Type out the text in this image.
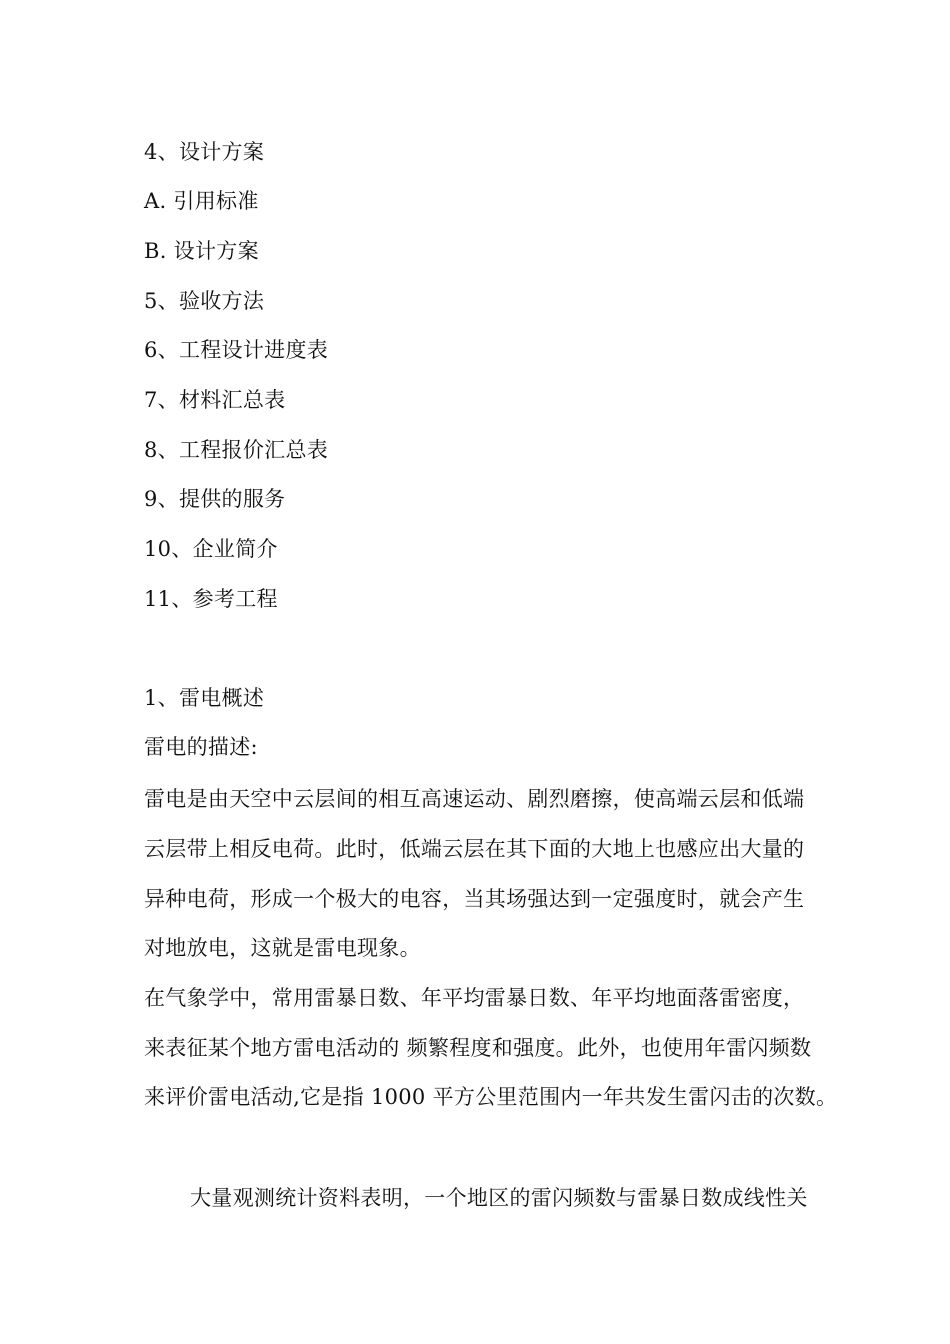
4、设计方案
A. 引用标准
B. 设计方案
5、验收方法
6、工程设计进度表
7、材料汇总表
8、工程报价汇总表
9、提供的服务
10、企业简介
11、参考工程
1、雷电概述
雷电的描述:
雷电是由天空中云层间的相互高速运动、剧烈磨擦，使高端云层和低端
云层带上相反电荷。此时，低端云层在其下面的大地上也感应出大量的
异种电荷，形成一个极大的电容，当其场强达到一定强度时，就会产生
对地放电，这就是雷电现象。
在气象学中，常用雷暴日数、年平均雷暴日数、年平均地面落雷密度，
来表征某个地方雷电活动的 频繁程度和强度。此外，也使用年雷闪频数
来评价雷电活动,它是指 1000 平方公里范围内一年共发生雷闪击的次数。
大量观测统计资料表明，一个地区的雷闪频数与雷暴日数成线性关
